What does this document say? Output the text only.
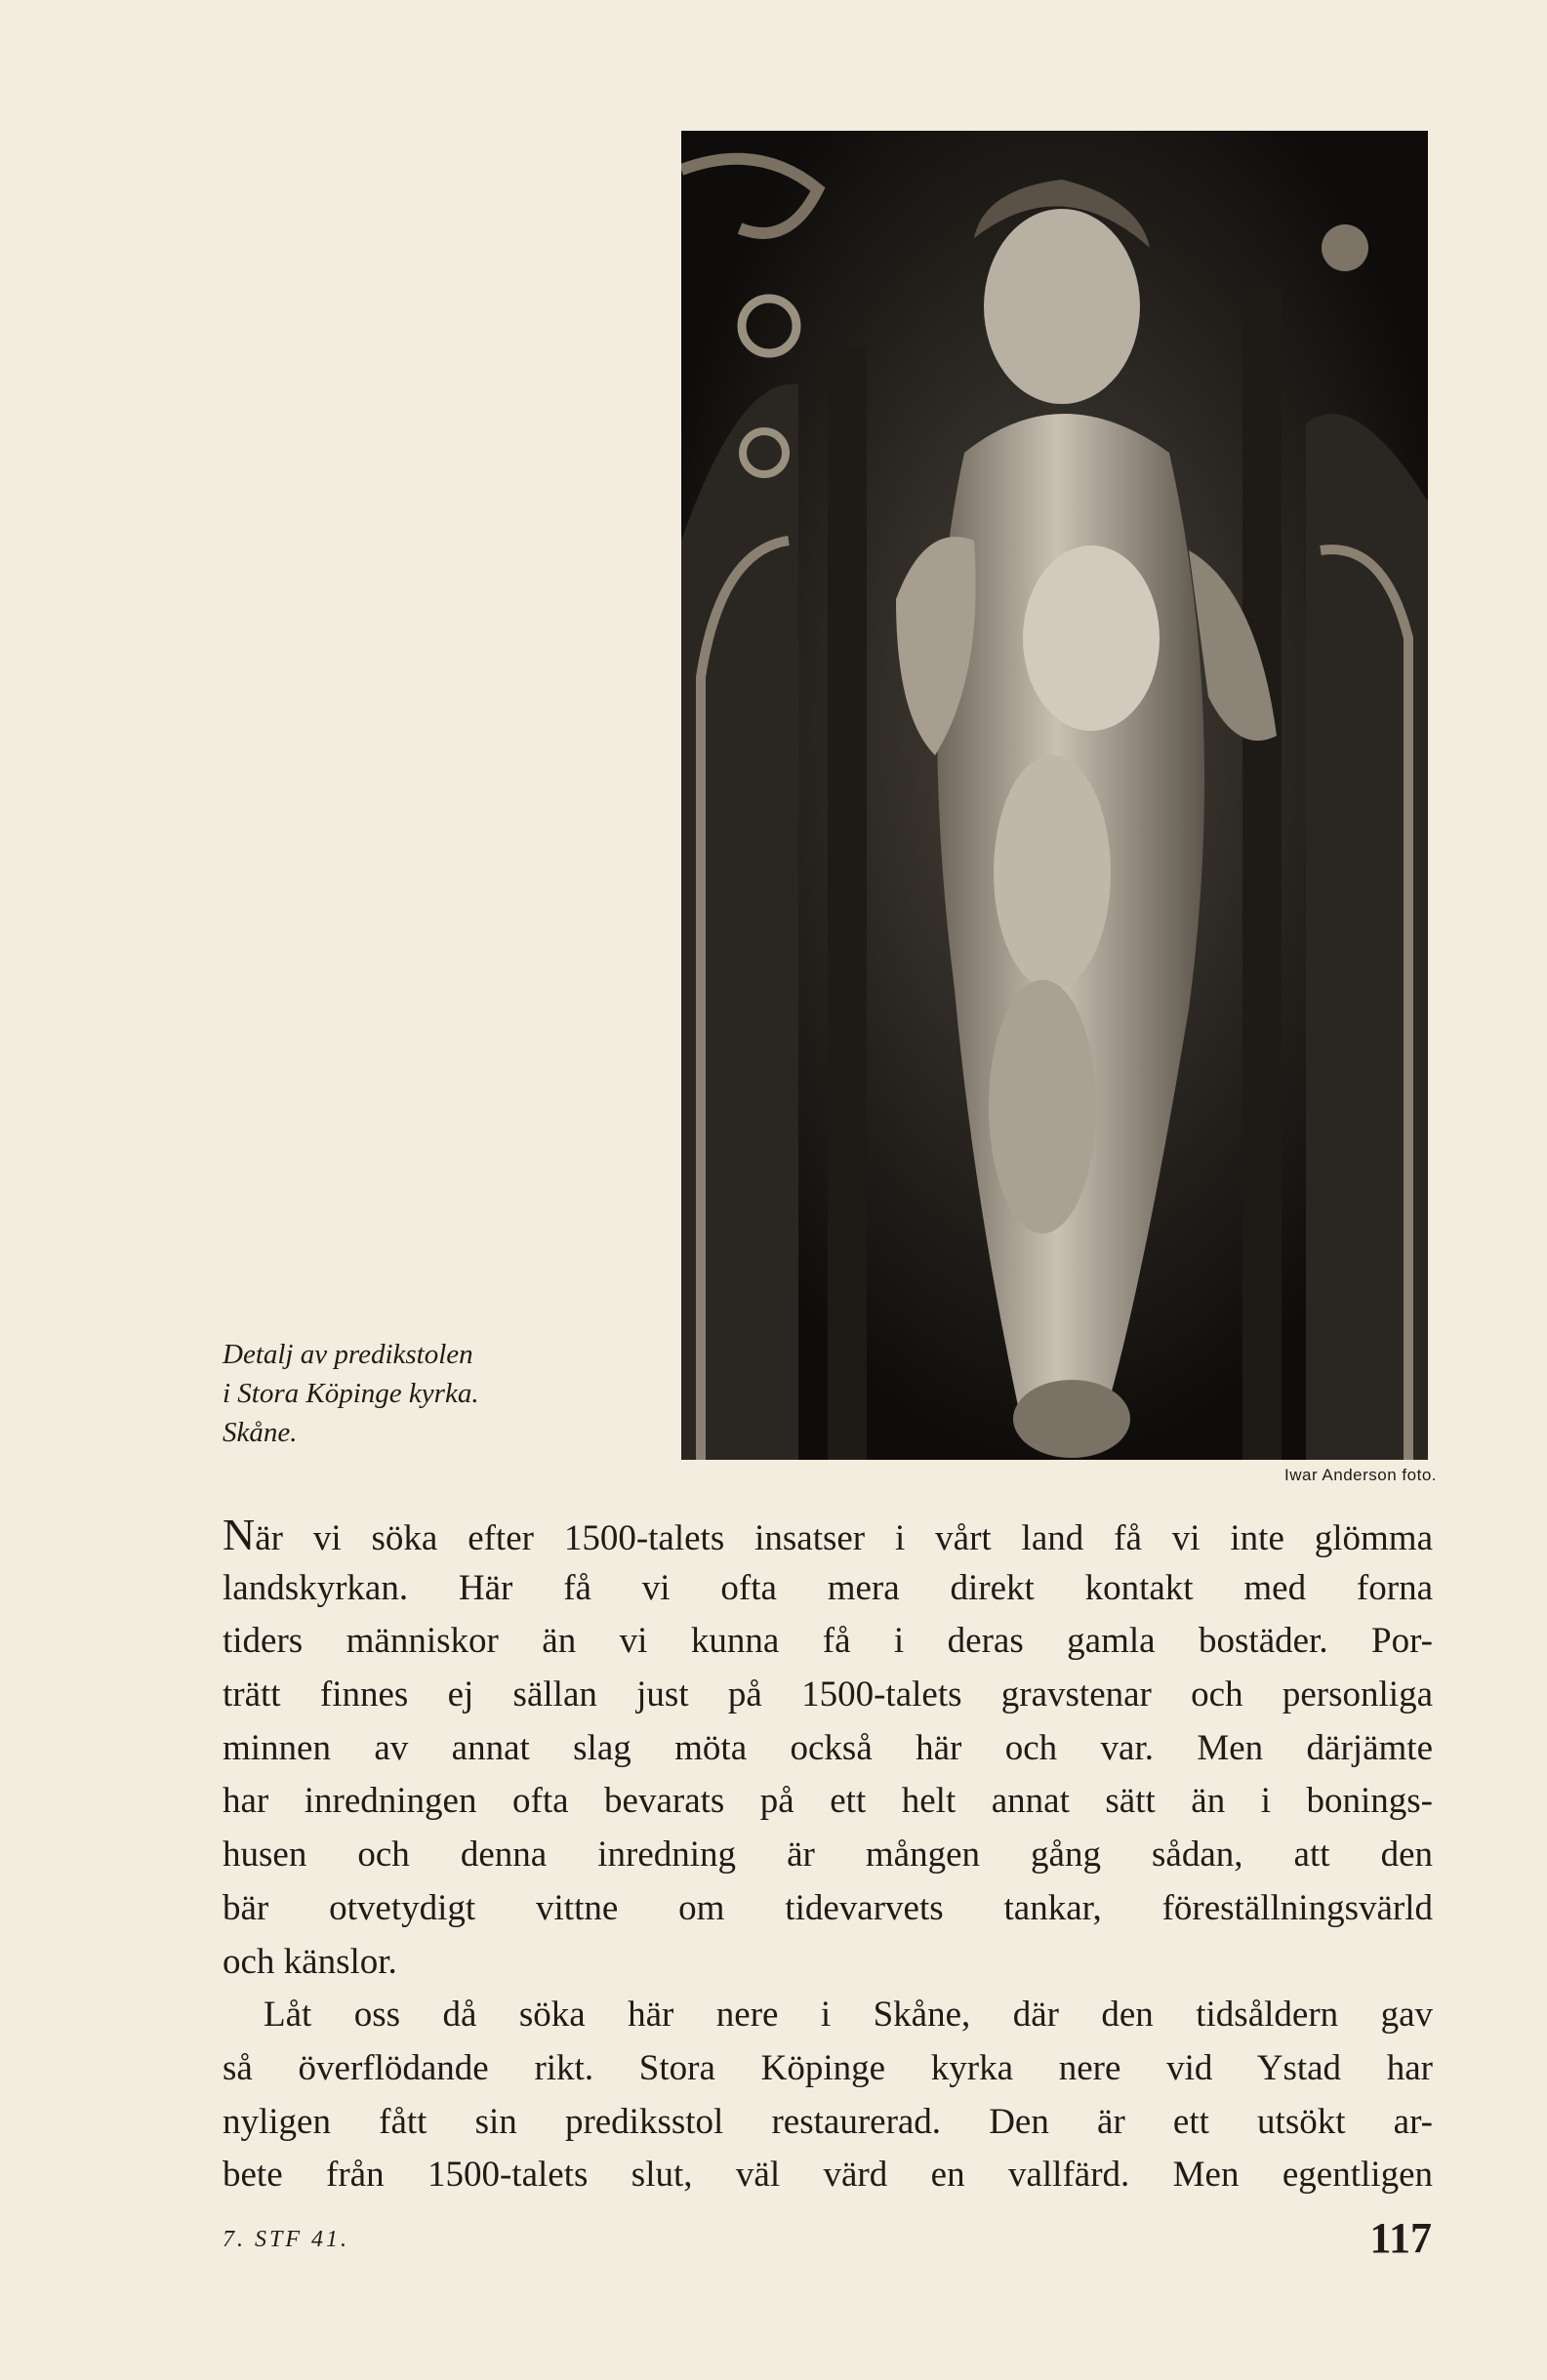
Iwar Anderson foto.
Detalj av predikstolen
i Stora Köpinge kyrka.
Skåne.
När vi söka efter 1500-talets insatser i vårt land få vi inte glömma
landskyrkan. Här få vi ofta mera direkt kontakt med forna
tiders människor än vi kunna få i deras gamla bostäder. Por-
trätt finnes ej sällan just på 1500-talets gravstenar och personliga
minnen av annat slag möta också här och var. Men därjämte
har inredningen ofta bevarats på ett helt annat sätt än i bonings-
husen och denna inredning är mången gång sådan, att den
bär otvetydigt vittne om tidevarvets tankar, föreställningsvärld
och känslor.
Låt oss då söka här nere i Skåne, där den tidsåldern gav
så överflödande rikt. Stora Köpinge kyrka nere vid Ystad har
nyligen fått sin prediksstol restaurerad. Den är ett utsökt ar-
bete från 1500-talets slut, väl värd en vallfärd. Men egentligen
7. STF 41.	117
